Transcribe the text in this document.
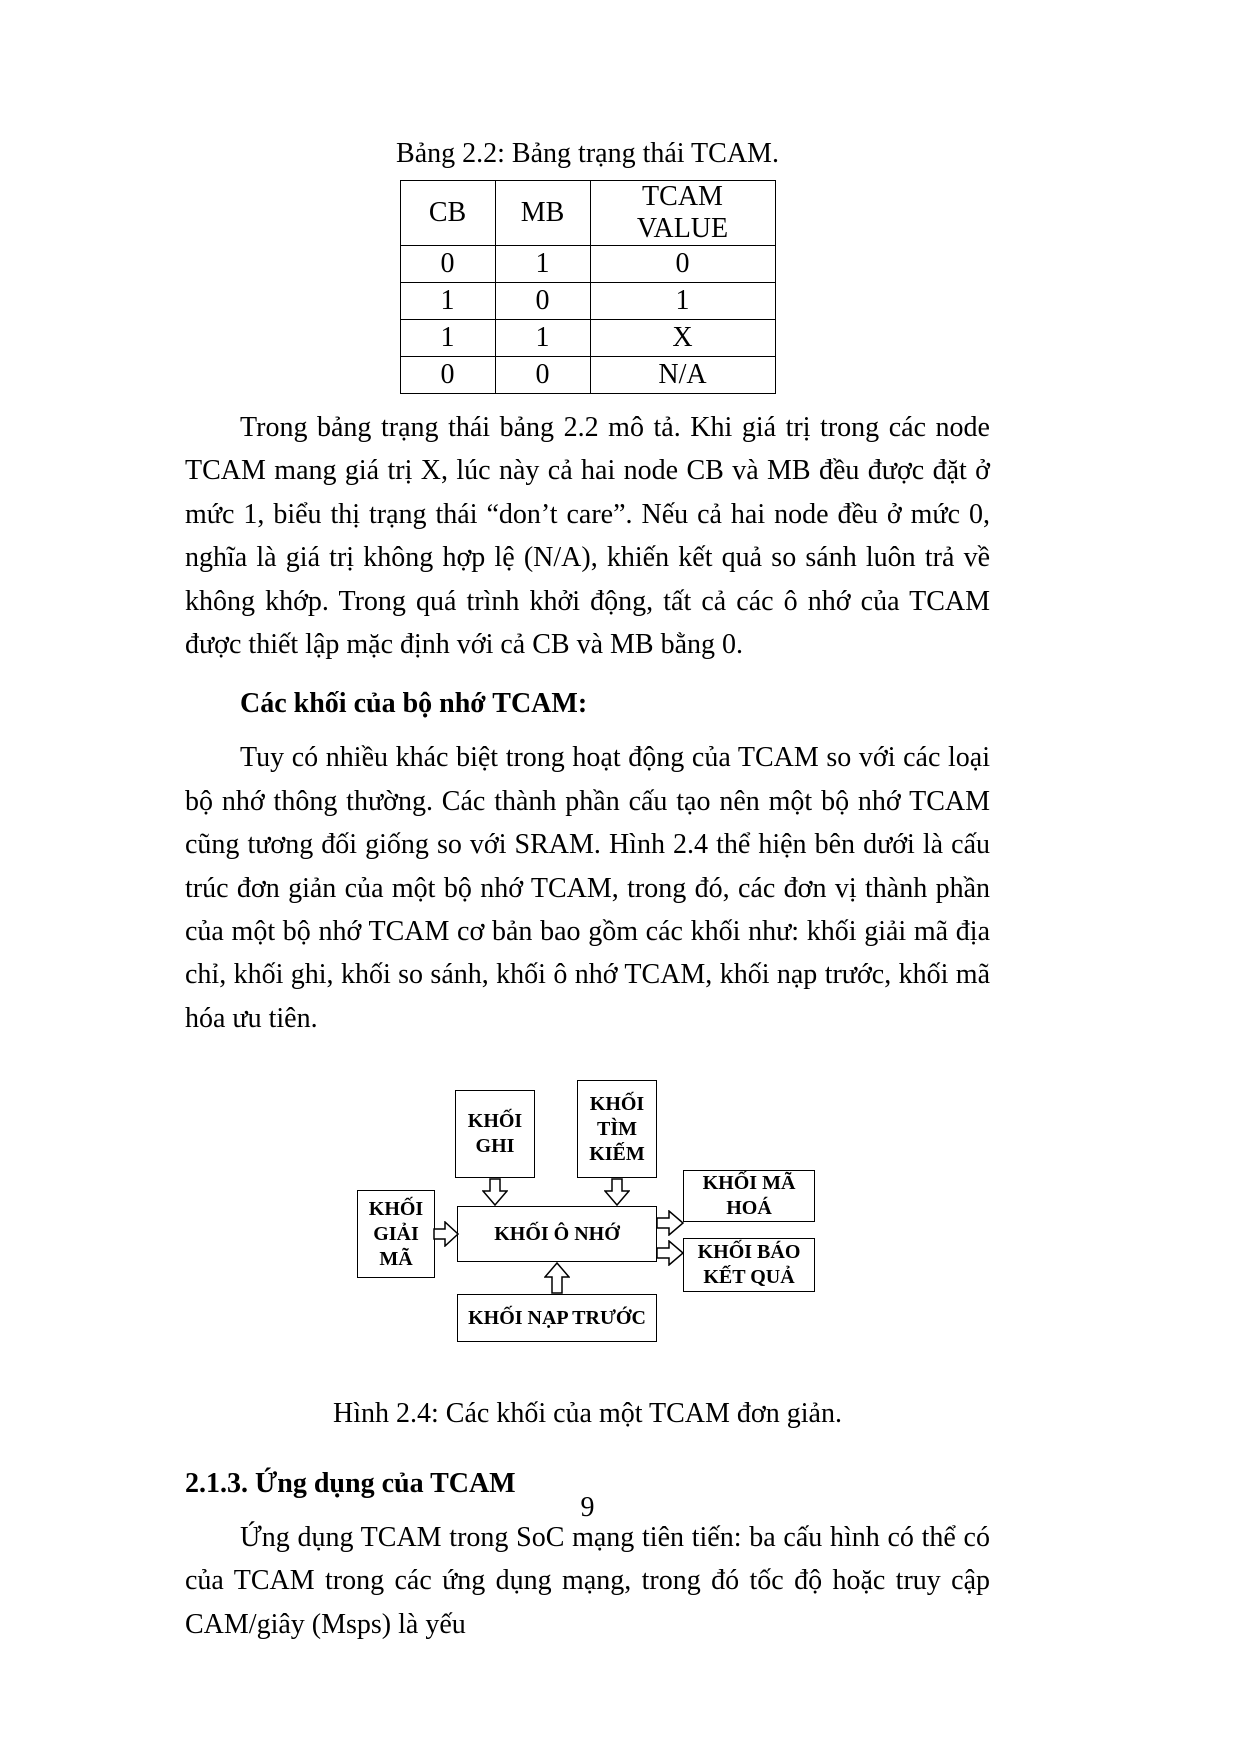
Bảng 2.2: Bảng trạng thái TCAM.
CB	MB	TCAM VALUE
0	1	0
1	0	1
1	1	X
0	0	N/A

Trong bảng trạng thái bảng 2.2 mô tả. Khi giá trị trong các node TCAM mang giá trị X, lúc này cả hai node CB và MB đều được đặt ở mức 1, biểu thị trạng thái “don’t care”. Nếu cả hai node đều ở mức 0, nghĩa là giá trị không hợp lệ (N/A), khiến kết quả so sánh luôn trả về không khớp. Trong quá trình khởi động, tất cả các ô nhớ của TCAM được thiết lập mặc định với cả CB và MB bằng 0.

Các khối của bộ nhớ TCAM:

Tuy có nhiều khác biệt trong hoạt động của TCAM so với các loại bộ nhớ thông thường. Các thành phần cấu tạo nên một bộ nhớ TCAM cũng tương đối giống so với SRAM. Hình 2.4 thể hiện bên dưới là cấu trúc đơn giản của một bộ nhớ TCAM, trong đó, các đơn vị thành phần của một bộ nhớ TCAM cơ bản bao gồm các khối như: khối giải mã địa chỉ, khối ghi, khối so sánh, khối ô nhớ TCAM, khối nạp trước, khối mã hóa ưu tiên.

KHỐI GHI
KHỐI TÌM KIẾM
KHỐI GIẢI MÃ
KHỐI Ô NHỚ
KHỐI MÃ HOÁ
KHỐI BÁO KẾT QUẢ
KHỐI NẠP TRƯỚC
Hình 2.4: Các khối của một TCAM đơn giản.
2.1.3. Ứng dụng của TCAM

Ứng dụng TCAM trong SoC mạng tiên tiến: ba cấu hình có thể có của TCAM trong các ứng dụng mạng, trong đó tốc độ hoặc truy cập CAM/giây (Msps) là yếu

9
